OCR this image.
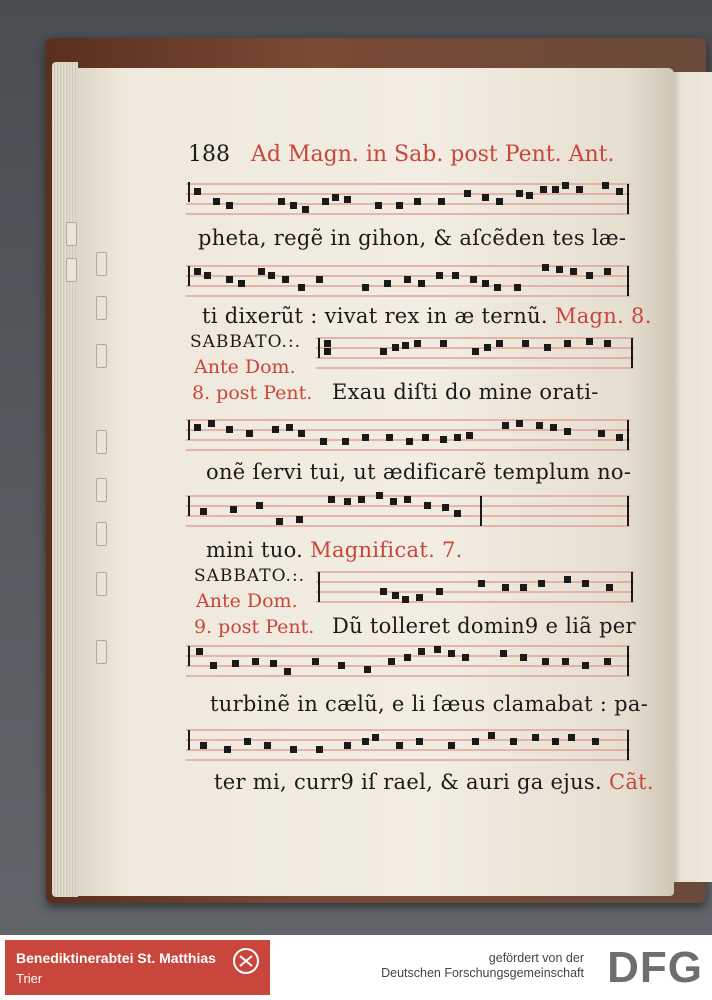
188 Ad Magn. in Sab. post Pent. Ant.
pheta, regẽ in gihon, & aſcẽden tes læ-
ti dixerũt : vivat rex in æ ternũ. Magn. 8.
SABBATO.:.
Ante Dom.
8. post Pent. Exau diſti do mine orati-
onẽ ſervi tui, ut ædificarẽ templum no-
mini tuo. Magnificat. 7.
SABBATO.:.
Ante Dom.
9. post Pent. Dũ tolleret domin9 e liã per
turbinẽ in cælũ, e li ſæus clamabat : pa-
ter mi, curr9 iſ rael, & auri ga ejus. Cãt.
Benediktinerabtei St. Matthias
Trier
gefördert von der
Deutschen Forschungsgemeinschaft DFG
